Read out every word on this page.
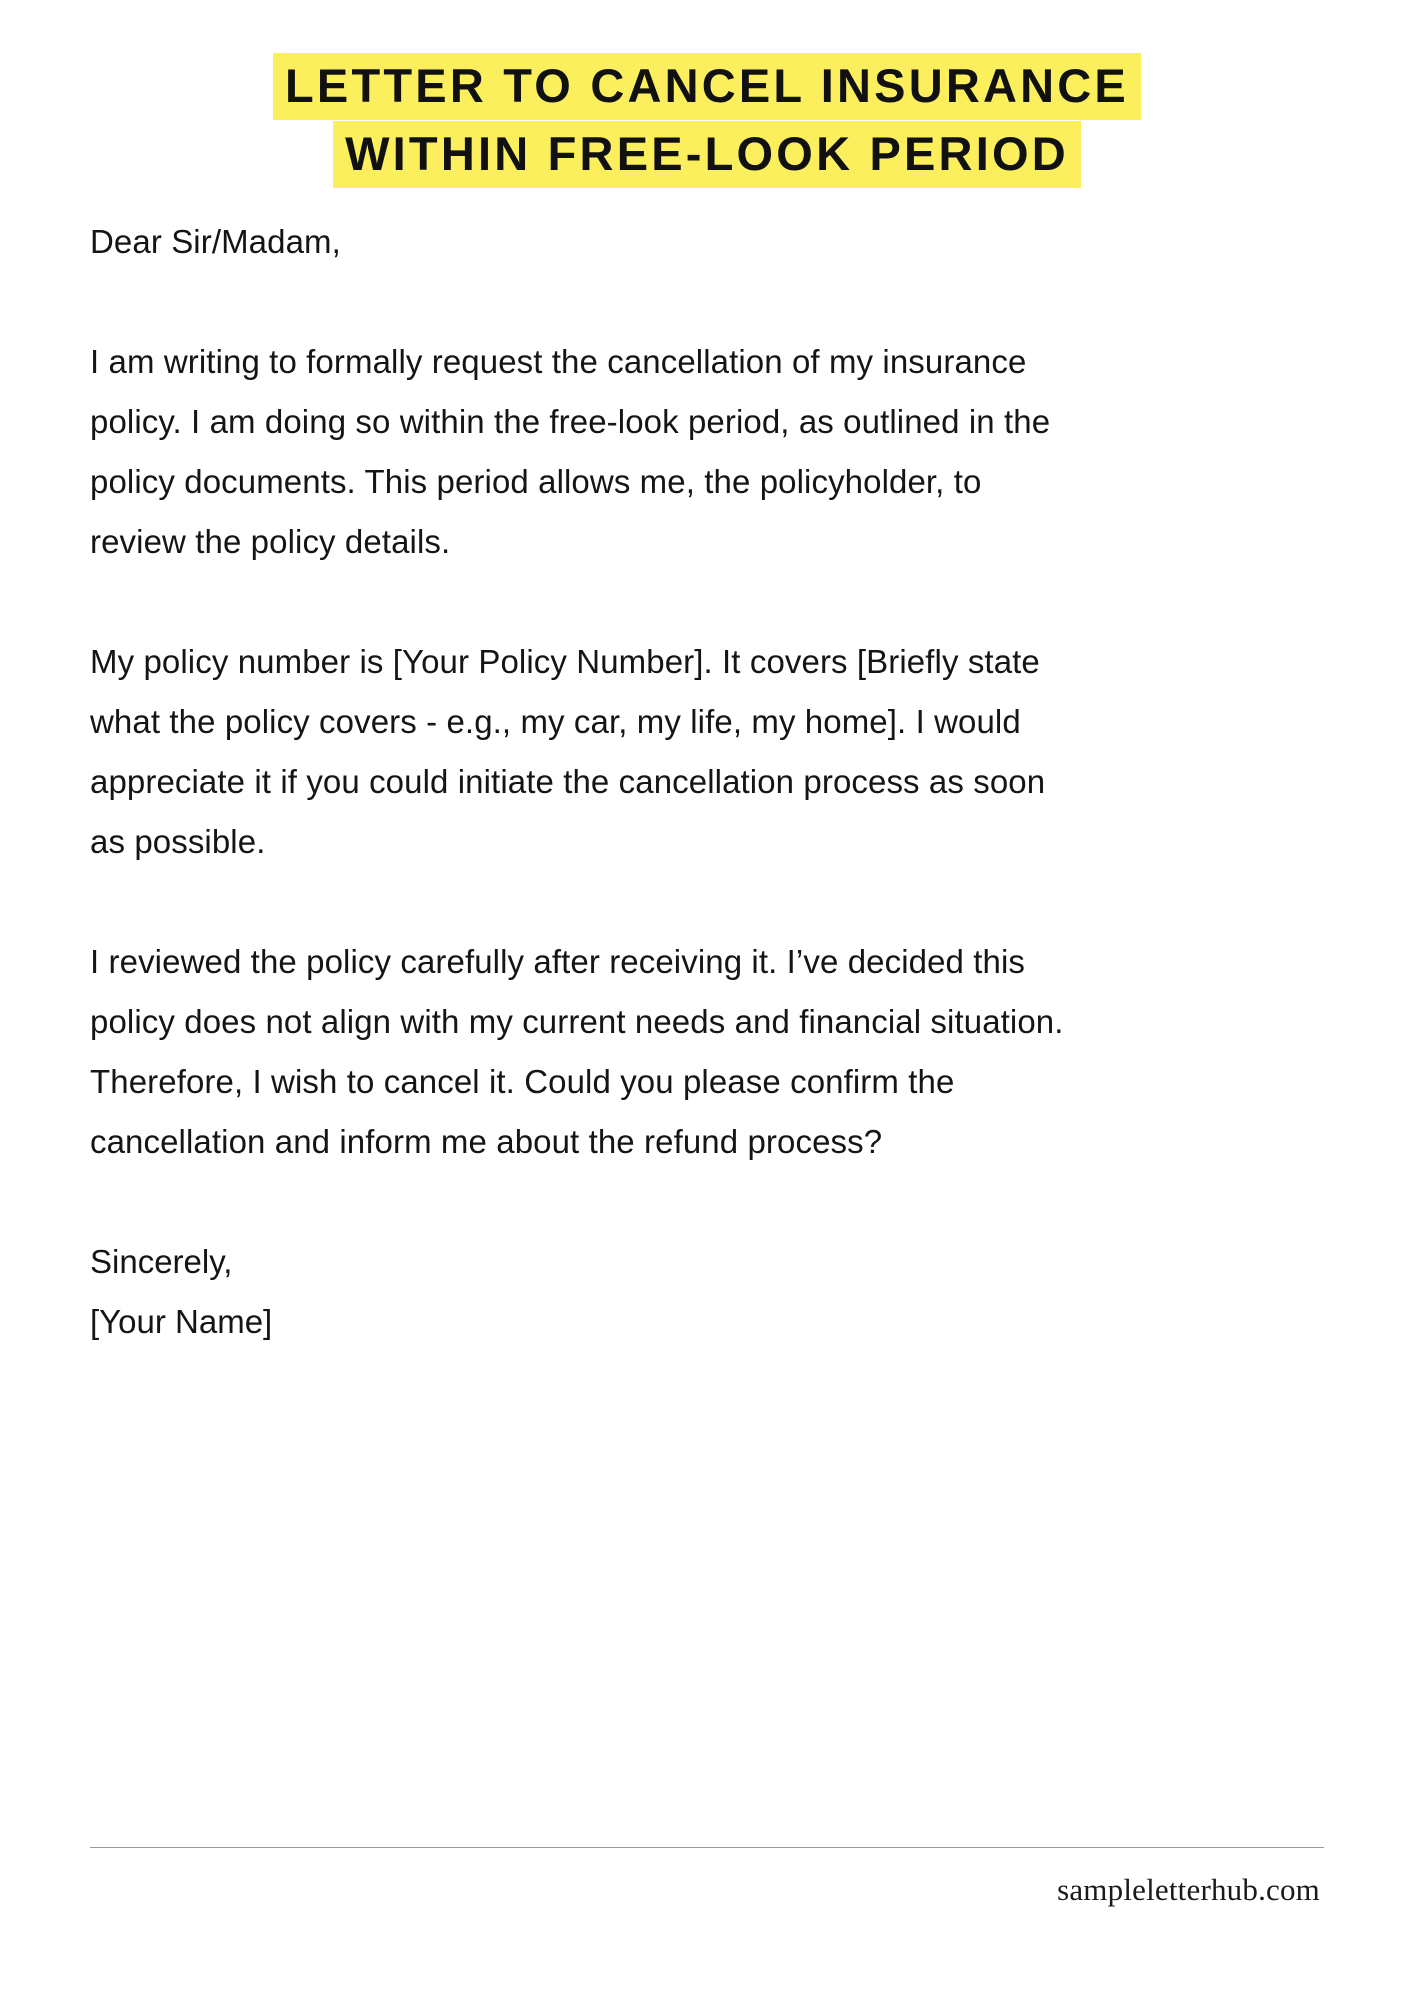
LETTER TO CANCEL INSURANCE
WITHIN FREE-LOOK PERIOD

Dear Sir/Madam,

I am writing to formally request the cancellation of my insurance policy. I am doing so within the free-look period, as outlined in the policy documents. This period allows me, the policyholder, to review the policy details.

My policy number is [Your Policy Number]. It covers [Briefly state what the policy covers - e.g., my car, my life, my home]. I would appreciate it if you could initiate the cancellation process as soon as possible.

I reviewed the policy carefully after receiving it. I’ve decided this policy does not align with my current needs and financial situation. Therefore, I wish to cancel it. Could you please confirm the cancellation and inform me about the refund process?

Sincerely,

[Your Name]

sampleletterhub.com
